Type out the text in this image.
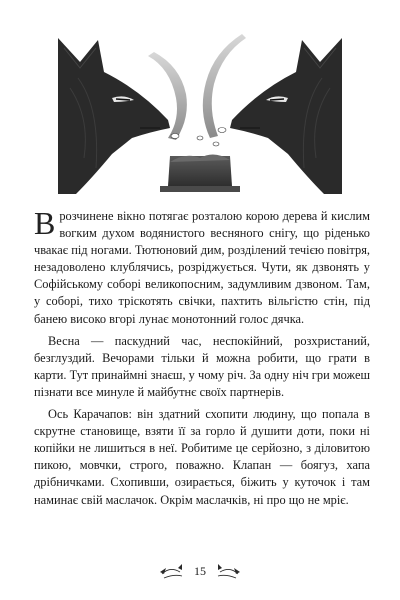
В розчинене вікно потягає розталою корою дерева й кислим вогким духом водянистого весняного снігу, що ріденько чвакає під ногами. Тютюновий дим, розділений течією повітря, незадоволено клублячись, розріджується. Чути, як дзвонять у Софійському соборі великопосним, задумливим дзвоном. Там, у соборі, тихо тріскотять свічки, пахтить вільгістю стін, під банею високо вгорі лунає монотонний голос дячка.

Весна — паскудний час, неспокійний, розхристаний, безглуздий. Вечорами тільки й можна робити, що грати в карти. Тут принаймні знаєш, у чому річ. За одну ніч гри можеш пізнати все минуле й майбутнє своїх партнерів.

Ось Карачапов: він здатний схопити людину, що попала в скрутне становище, взяти її за горло й душити доти, поки ні копійки не лишиться в неї. Робитиме це серйозно, з діловитою пикою, мовчки, строго, поважно. Клапан — боягуз, хапа дрібничками. Схопивши, озирається, біжить у куточок і там наминає свій маслачок. Окрім маслачків, ні про що не мріє.

15
